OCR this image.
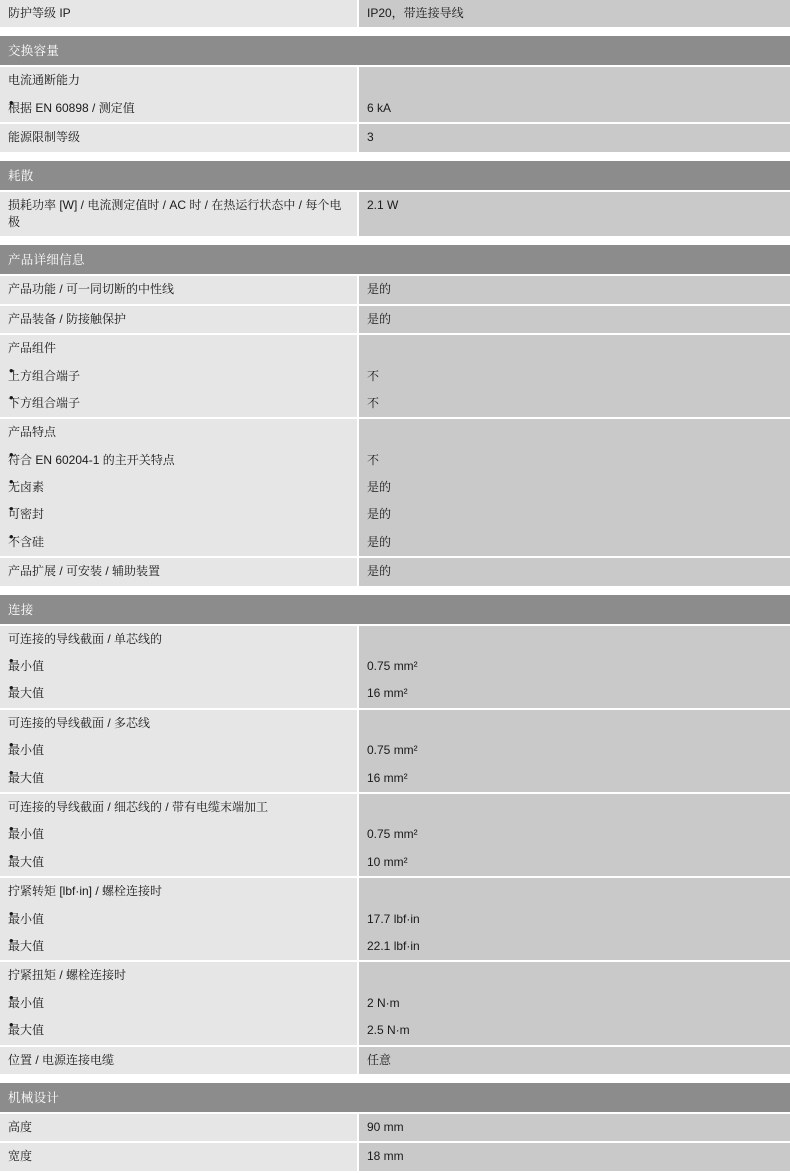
防护等级 IP	IP20，带连接导线

交换容量	
电流通断能力	
• 根据 EN 60898 / 测定值	6 kA
能源限制等级	3

耗散	
损耗功率 [W] / 电流测定值时 / AC 时 / 在热运行状态中 / 每个电极	2.1 W

产品详细信息	
产品功能 / 可一同切断的中性线	是的
产品装备 / 防接触保护	是的
产品组件	
• 上方组合端子	不
• 下方组合端子	不
产品特点	
• 符合 EN 60204-1 的主开关特点	不
• 无卤素	是的
• 可密封	是的
• 不含硅	是的
产品扩展 / 可安装 / 辅助装置	是的

连接	
可连接的导线截面 / 单芯线的	
• 最小值	0.75 mm²
• 最大值	16 mm²
可连接的导线截面 / 多芯线	
• 最小值	0.75 mm²
• 最大值	16 mm²
可连接的导线截面 / 细芯线的 / 带有电缆末端加工	
• 最小值	0.75 mm²
• 最大值	10 mm²
拧紧转矩 [lbf·in] / 螺栓连接时	
• 最小值	17.7 lbf·in
• 最大值	22.1 lbf·in
拧紧扭矩 / 螺栓连接时	
• 最小值	2 N·m
• 最大值	2.5 N·m
位置 / 电源连接电缆	任意

机械设计	
高度	90 mm
宽度	18 mm
